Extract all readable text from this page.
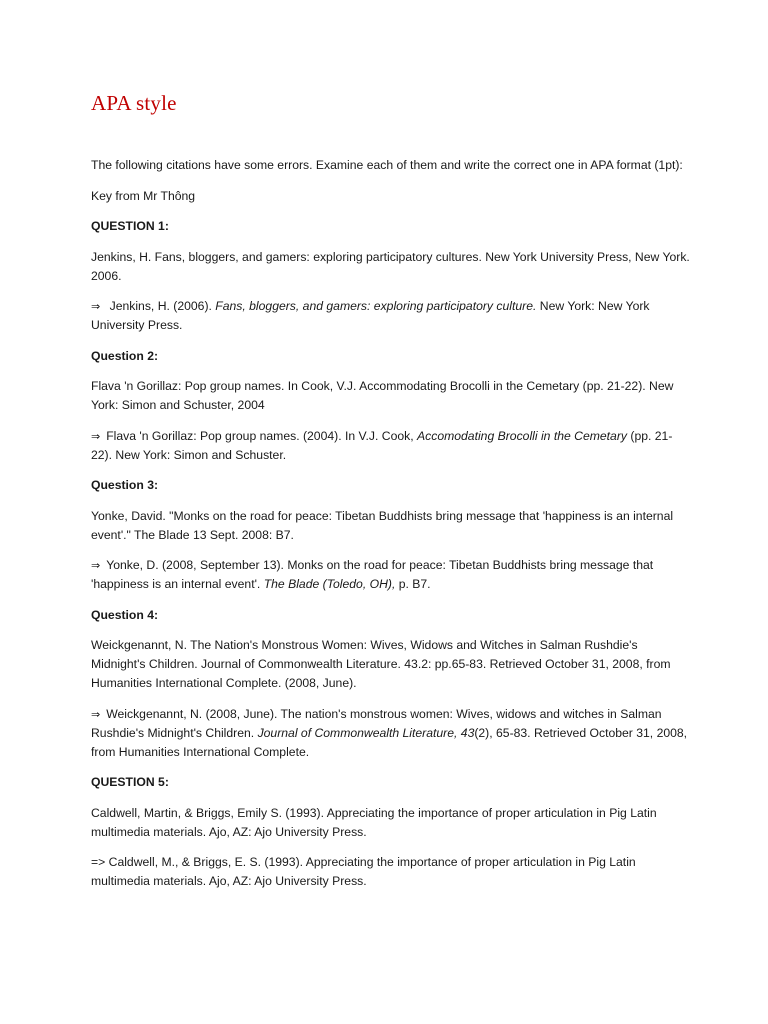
APA style

The following citations have some errors. Examine each of them and write the correct one in APA format (1pt):

Key from Mr Thông

QUESTION 1:

Jenkins, H. Fans, bloggers, and gamers: exploring participatory cultures. New York University Press, New York. 2006.

⇒ Jenkins, H. (2006). Fans, bloggers, and gamers: exploring participatory culture. New York: New York University Press.

Question 2:

Flava 'n Gorillaz: Pop group names. In Cook, V.J. Accommodating Brocolli in the Cemetary (pp. 21-22). New York: Simon and Schuster, 2004

⇒ Flava 'n Gorillaz: Pop group names. (2004). In V.J. Cook, Accomodating Brocolli in the Cemetary (pp. 21-22). New York: Simon and Schuster.

Question 3:

Yonke, David. "Monks on the road for peace: Tibetan Buddhists bring message that 'happiness is an internal event'." The Blade 13 Sept. 2008: B7.

⇒ Yonke, D. (2008, September 13). Monks on the road for peace: Tibetan Buddhists bring message that 'happiness is an internal event'. The Blade (Toledo, OH), p. B7.

Question 4:

Weickgenannt, N. The Nation's Monstrous Women: Wives, Widows and Witches in Salman Rushdie's Midnight's Children. Journal of Commonwealth Literature. 43.2: pp.65-83. Retrieved October 31, 2008, from Humanities International Complete. (2008, June).

⇒ Weickgenannt, N. (2008, June). The nation's monstrous women: Wives, widows and witches in Salman Rushdie's Midnight's Children. Journal of Commonwealth Literature, 43(2), 65-83. Retrieved October 31, 2008, from Humanities International Complete.

QUESTION 5:

Caldwell, Martin, & Briggs, Emily S. (1993). Appreciating the importance of proper articulation in Pig Latin multimedia materials. Ajo, AZ: Ajo University Press.

=> Caldwell, M., & Briggs, E. S. (1993). Appreciating the importance of proper articulation in Pig Latin multimedia materials. Ajo, AZ: Ajo University Press.
